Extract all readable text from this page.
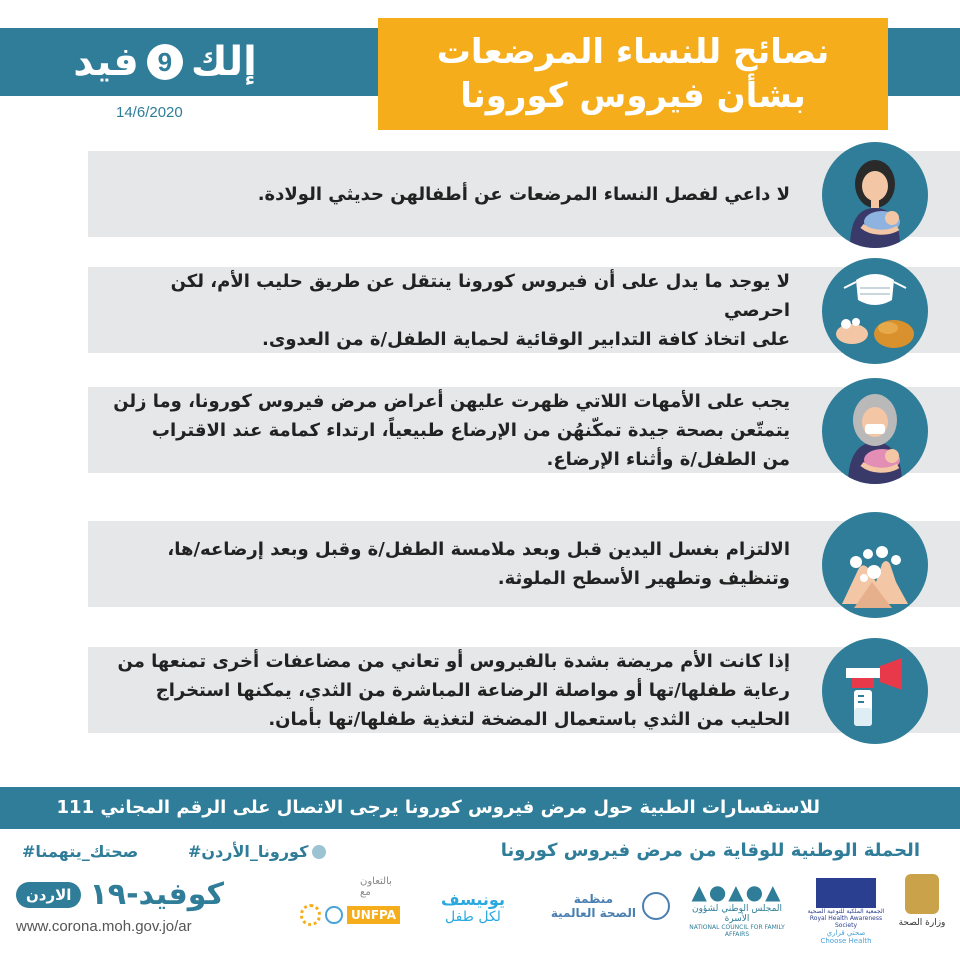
إلك
9
فيد
14/6/2020
نصائح للنساء المرضعات
بشأن فيروس كورونا
لا داعي لفصل النساء المرضعات عن أطفالهن حديثي الولادة.
لا يوجد ما يدل على أن فيروس كورونا ينتقل عن طريق حليب الأم، لكن احرصي
على اتخاذ كافة التدابير الوقائية لحماية الطفل/ة من العدوى.
يجب على الأمهات اللاتي ظهرت عليهن أعراض مرض فيروس كورونا، وما زلن
يتمتّعن بصحة جيدة تمكّنهُن من الإرضاع طبيعياً، ارتداء كمامة عند الاقتراب
من الطفل/ة وأثناء الإرضاع.
الالتزام بغسل اليدين قبل وبعد ملامسة الطفل/ة وقبل وبعد إرضاعه/ها،
وتنظيف وتطهير الأسطح الملوثة.
إذا كانت الأم مريضة بشدة بالفيروس أو تعاني من مضاعفات أخرى تمنعها من
رعاية طفلها/تها أو مواصلة الرضاعة المباشرة من الثدي، يمكنها استخراج
الحليب من الثدي باستعمال المضخة لتغذية طفلها/تها بأمان.
للاستفسارات الطبية حول مرض فيروس كورونا يرجى الاتصال على الرقم المجاني 111
#صحتك_يتهمنا	#كورونا_الأردن	الحملة الوطنية للوقاية من مرض فيروس كورونا
كوفيد-١٩
الاردن
www.corona.moh.gov.jo/ar
بالتعاون مع
UNFPA
يونيسف
لكل طفل
منظمة
الصحة العالمية
▲●▲●▲
المجلس الوطني لشؤون الأسرة
NATIONAL COUNCIL FOR FAMILY AFFAIRS
الجمعية الملكية للتوعية الصحية
Royal Health Awareness Society
صحتي قراري
Choose Health
وزارة الصحة
